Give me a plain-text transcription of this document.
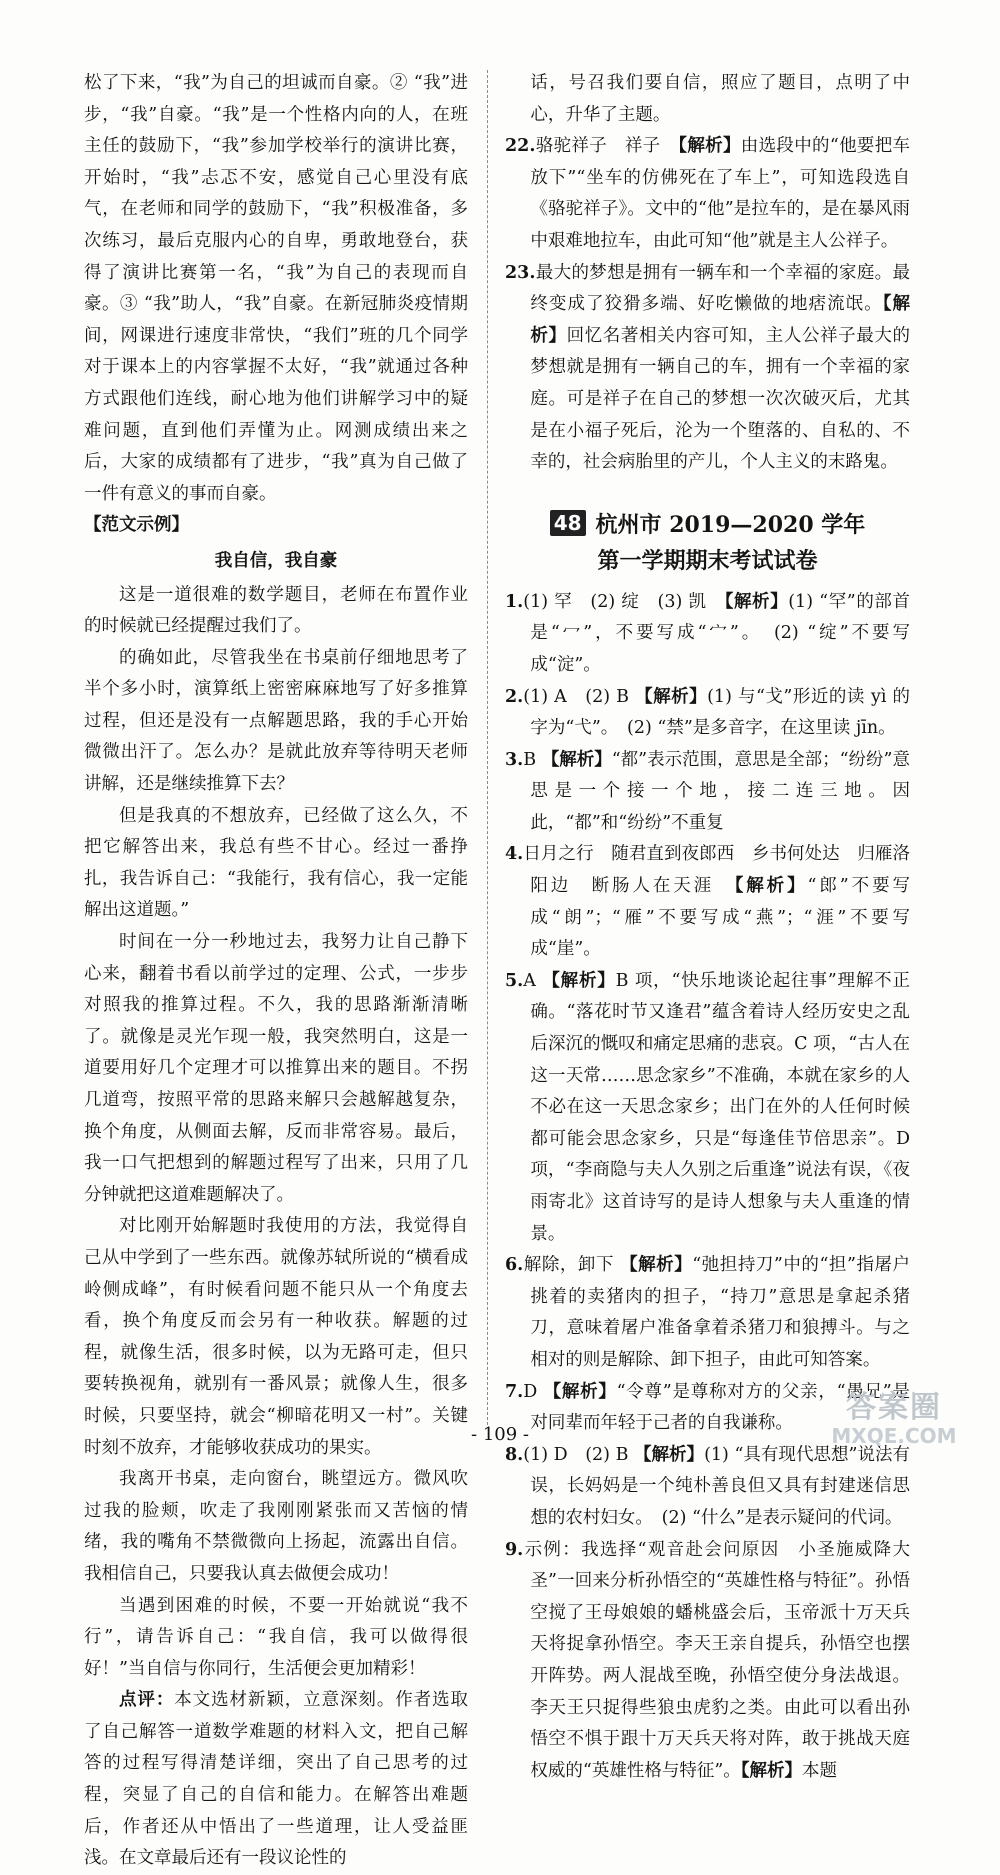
松了下来，“我”为自己的坦诚而自豪。② “我”进步，“我”自豪。“我”是一个性格内向的人，在班主任的鼓励下，“我”参加学校举行的演讲比赛，开始时，“我”忐忑不安，感觉自己心里没有底气，在老师和同学的鼓励下，“我”积极准备，多次练习，最后克服内心的自卑，勇敢地登台，获得了演讲比赛第一名，“我”为自己的表现而自豪。③ “我”助人，“我”自豪。在新冠肺炎疫情期间，网课进行速度非常快，“我们”班的几个同学对于课本上的内容掌握不太好，“我”就通过各种方式跟他们连线，耐心地为他们讲解学习中的疑难问题，直到他们弄懂为止。网测成绩出来之后，大家的成绩都有了进步，“我”真为自己做了一件有意义的事而自豪。

【范文示例】

我自信，我自豪

这是一道很难的数学题目，老师在布置作业的时候就已经提醒过我们了。

的确如此，尽管我坐在书桌前仔细地思考了半个多小时，演算纸上密密麻麻地写了好多推算过程，但还是没有一点解题思路，我的手心开始微微出汗了。怎么办？是就此放弃等待明天老师讲解，还是继续推算下去？

但是我真的不想放弃，已经做了这么久，不把它解答出来，我总有些不甘心。经过一番挣扎，我告诉自己：“我能行，我有信心，我一定能解出这道题。”

时间在一分一秒地过去，我努力让自己静下心来，翻着书看以前学过的定理、公式，一步步对照我的推算过程。不久，我的思路渐渐清晰了。就像是灵光乍现一般，我突然明白，这是一道要用好几个定理才可以推算出来的题目。不拐几道弯，按照平常的思路来解只会越解越复杂，换个角度，从侧面去解，反而非常容易。最后，我一口气把想到的解题过程写了出来，只用了几分钟就把这道难题解决了。

对比刚开始解题时我使用的方法，我觉得自己从中学到了一些东西。就像苏轼所说的“横看成岭侧成峰”，有时候看问题不能只从一个角度去看，换个角度反而会另有一种收获。解题的过程，就像生活，很多时候，以为无路可走，但只要转换视角，就别有一番风景；就像人生，很多时候，只要坚持，就会“柳暗花明又一村”。关键时刻不放弃，才能够收获成功的果实。

我离开书桌，走向窗台，眺望远方。微风吹过我的脸颊，吹走了我刚刚紧张而又苦恼的情绪，我的嘴角不禁微微向上扬起，流露出自信。我相信自己，只要我认真去做便会成功！

当遇到困难的时候，不要一开始就说“我不行”，请告诉自己：“我自信，我可以做得很好！”当自信与你同行，生活便会更加精彩！

点评：本文选材新颖，立意深刻。作者选取了自己解答一道数学难题的材料入文，把自己解答的过程写得清楚详细，突出了自己思考的过程，突显了自己的自信和能力。在解答出难题后，作者还从中悟出了一些道理，让人受益匪浅。在文章最后还有一段议论性的

话，号召我们要自信，照应了题目，点明了中心，升华了主题。

22.骆驼祥子　祥子　【解析】由选段中的“他要把车放下”“坐车的仿佛死在了车上”，可知选段选自《骆驼祥子》。文中的“他”是拉车的，是在暴风雨中艰难地拉车，由此可知“他”就是主人公祥子。

23.最大的梦想是拥有一辆车和一个幸福的家庭。最终变成了狡猾多端、好吃懒做的地痞流氓。【解析】回忆名著相关内容可知，主人公祥子最大的梦想就是拥有一辆自己的车，拥有一个幸福的家庭。可是祥子在自己的梦想一次次破灭后，尤其是在小福子死后，沦为一个堕落的、自私的、不幸的，社会病胎里的产儿，个人主义的末路鬼。

48 杭州市 2019—2020 学年
第一学期期末考试试卷

1.(1) 罕　(2) 绽　(3) 凯　【解析】(1) “罕”的部首是“冖”，不要写成“宀”。　(2) “绽”不要写成“淀”。

2.(1) A　(2) B 【解析】(1) 与“戈”形近的读 yì 的字为“弋”。　(2) “禁”是多音字，在这里读 jīn。

3.B 【解析】“都”表示范围，意思是全部；“纷纷”意思是一个接一个地，接二连三地。因此，“都”和“纷纷”不重复

4.日月之行　随君直到夜郎西　乡书何处达　归雁洛阳边　断肠人在天涯　【解析】“郎”不要写成“朗”；“雁”不要写成“燕”；“涯”不要写成“崖”。

5.A 【解析】B 项，“快乐地谈论起往事”理解不正确。“落花时节又逢君”蕴含着诗人经历安史之乱后深沉的慨叹和痛定思痛的悲哀。C 项，“古人在这一天常……思念家乡”不准确，本就在家乡的人不必在这一天思念家乡；出门在外的人任何时候都可能会思念家乡，只是“每逢佳节倍思亲”。D 项，“李商隐与夫人久别之后重逢”说法有误，《夜雨寄北》这首诗写的是诗人想象与夫人重逢的情景。

6.解除，卸下 【解析】“弛担持刀”中的“担”指屠户挑着的卖猪肉的担子，“持刀”意思是拿起杀猪刀，意味着屠户准备拿着杀猪刀和狼搏斗。与之相对的则是解除、卸下担子，由此可知答案。

7.D 【解析】“令尊”是尊称对方的父亲，“愚兄”是对同辈而年轻于己者的自我谦称。

8.(1) D　(2) B 【解析】(1) “具有现代思想”说法有误，长妈妈是一个纯朴善良但又具有封建迷信思想的农村妇女。　(2) “什么”是表示疑问的代词。

9.示例：我选择“观音赴会问原因　小圣施威降大圣”一回来分析孙悟空的“英雄性格与特征”。孙悟空搅了王母娘娘的蟠桃盛会后，玉帝派十万天兵天将捉拿孙悟空。李天王亲自提兵，孙悟空也摆开阵势。两人混战至晚，孙悟空使分身法战退。李天王只捉得些狼虫虎豹之类。由此可以看出孙悟空不惧于跟十万天兵天将对阵，敢于挑战天庭权威的“英雄性格与特征”。【解析】本题

- 109 -
答案圈
MXQE.COM
